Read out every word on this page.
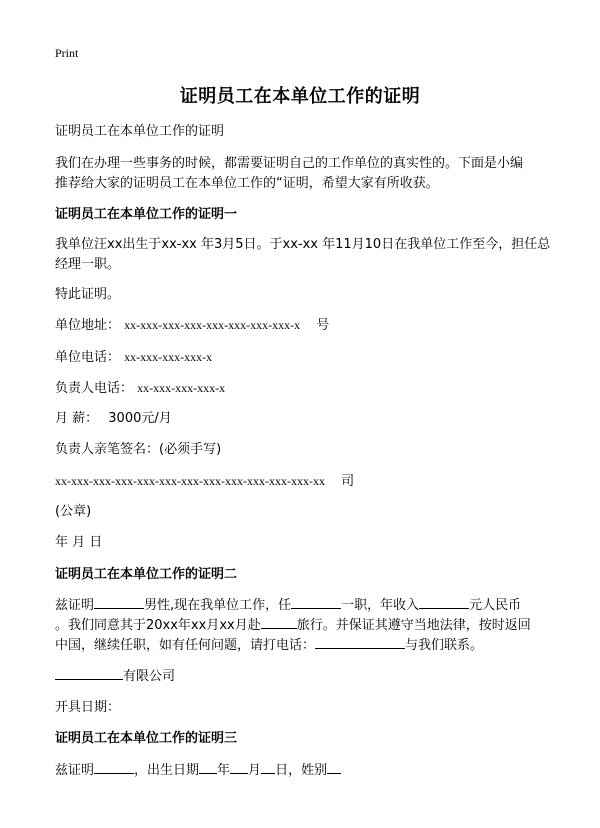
Print
证明员工在本单位工作的证明
证明员工在本单位工作的证明
我们在办理一些事务的时候，都需要证明自己的工作单位的真实性的。下面是小编
推荐给大家的证明员工在本单位工作的“证明，希望大家有所收获。
证明员工在本单位工作的证明一
我单位汪xx出生于xx-xx 年3月5日。于xx-xx 年11月10日在我单位工作至今，担任总
经理一职。
特此证明。
单位地址： xx-xxx-xxx-xxx-xxx-xxx-xxx-xxx-x 号
单位电话： xx-xxx-xxx-xxx-x
负责人电话： xx-xxx-xxx-xxx-x
月 薪： 3000元/月
负责人亲笔签名：(必须手写)
xx-xxx-xxx-xxx-xxx-xxx-xxx-xxx-xxx-xxx-xxx-xxx-xx 司
(公章)
年 月 日
证明员工在本单位工作的证明二
兹证明	男性,现在我单位工作，任	一职，年收入	元人民币
。我们同意其于20xx年xx月xx月赴	旅行。并保证其遵守当地法律，按时返回
中国，继续任职，如有任何问题，请打电话：	与我们联系。
有限公司
开具日期：
证明员工在本单位工作的证明三
兹证明	，出生日期 年 月 日，姓别
